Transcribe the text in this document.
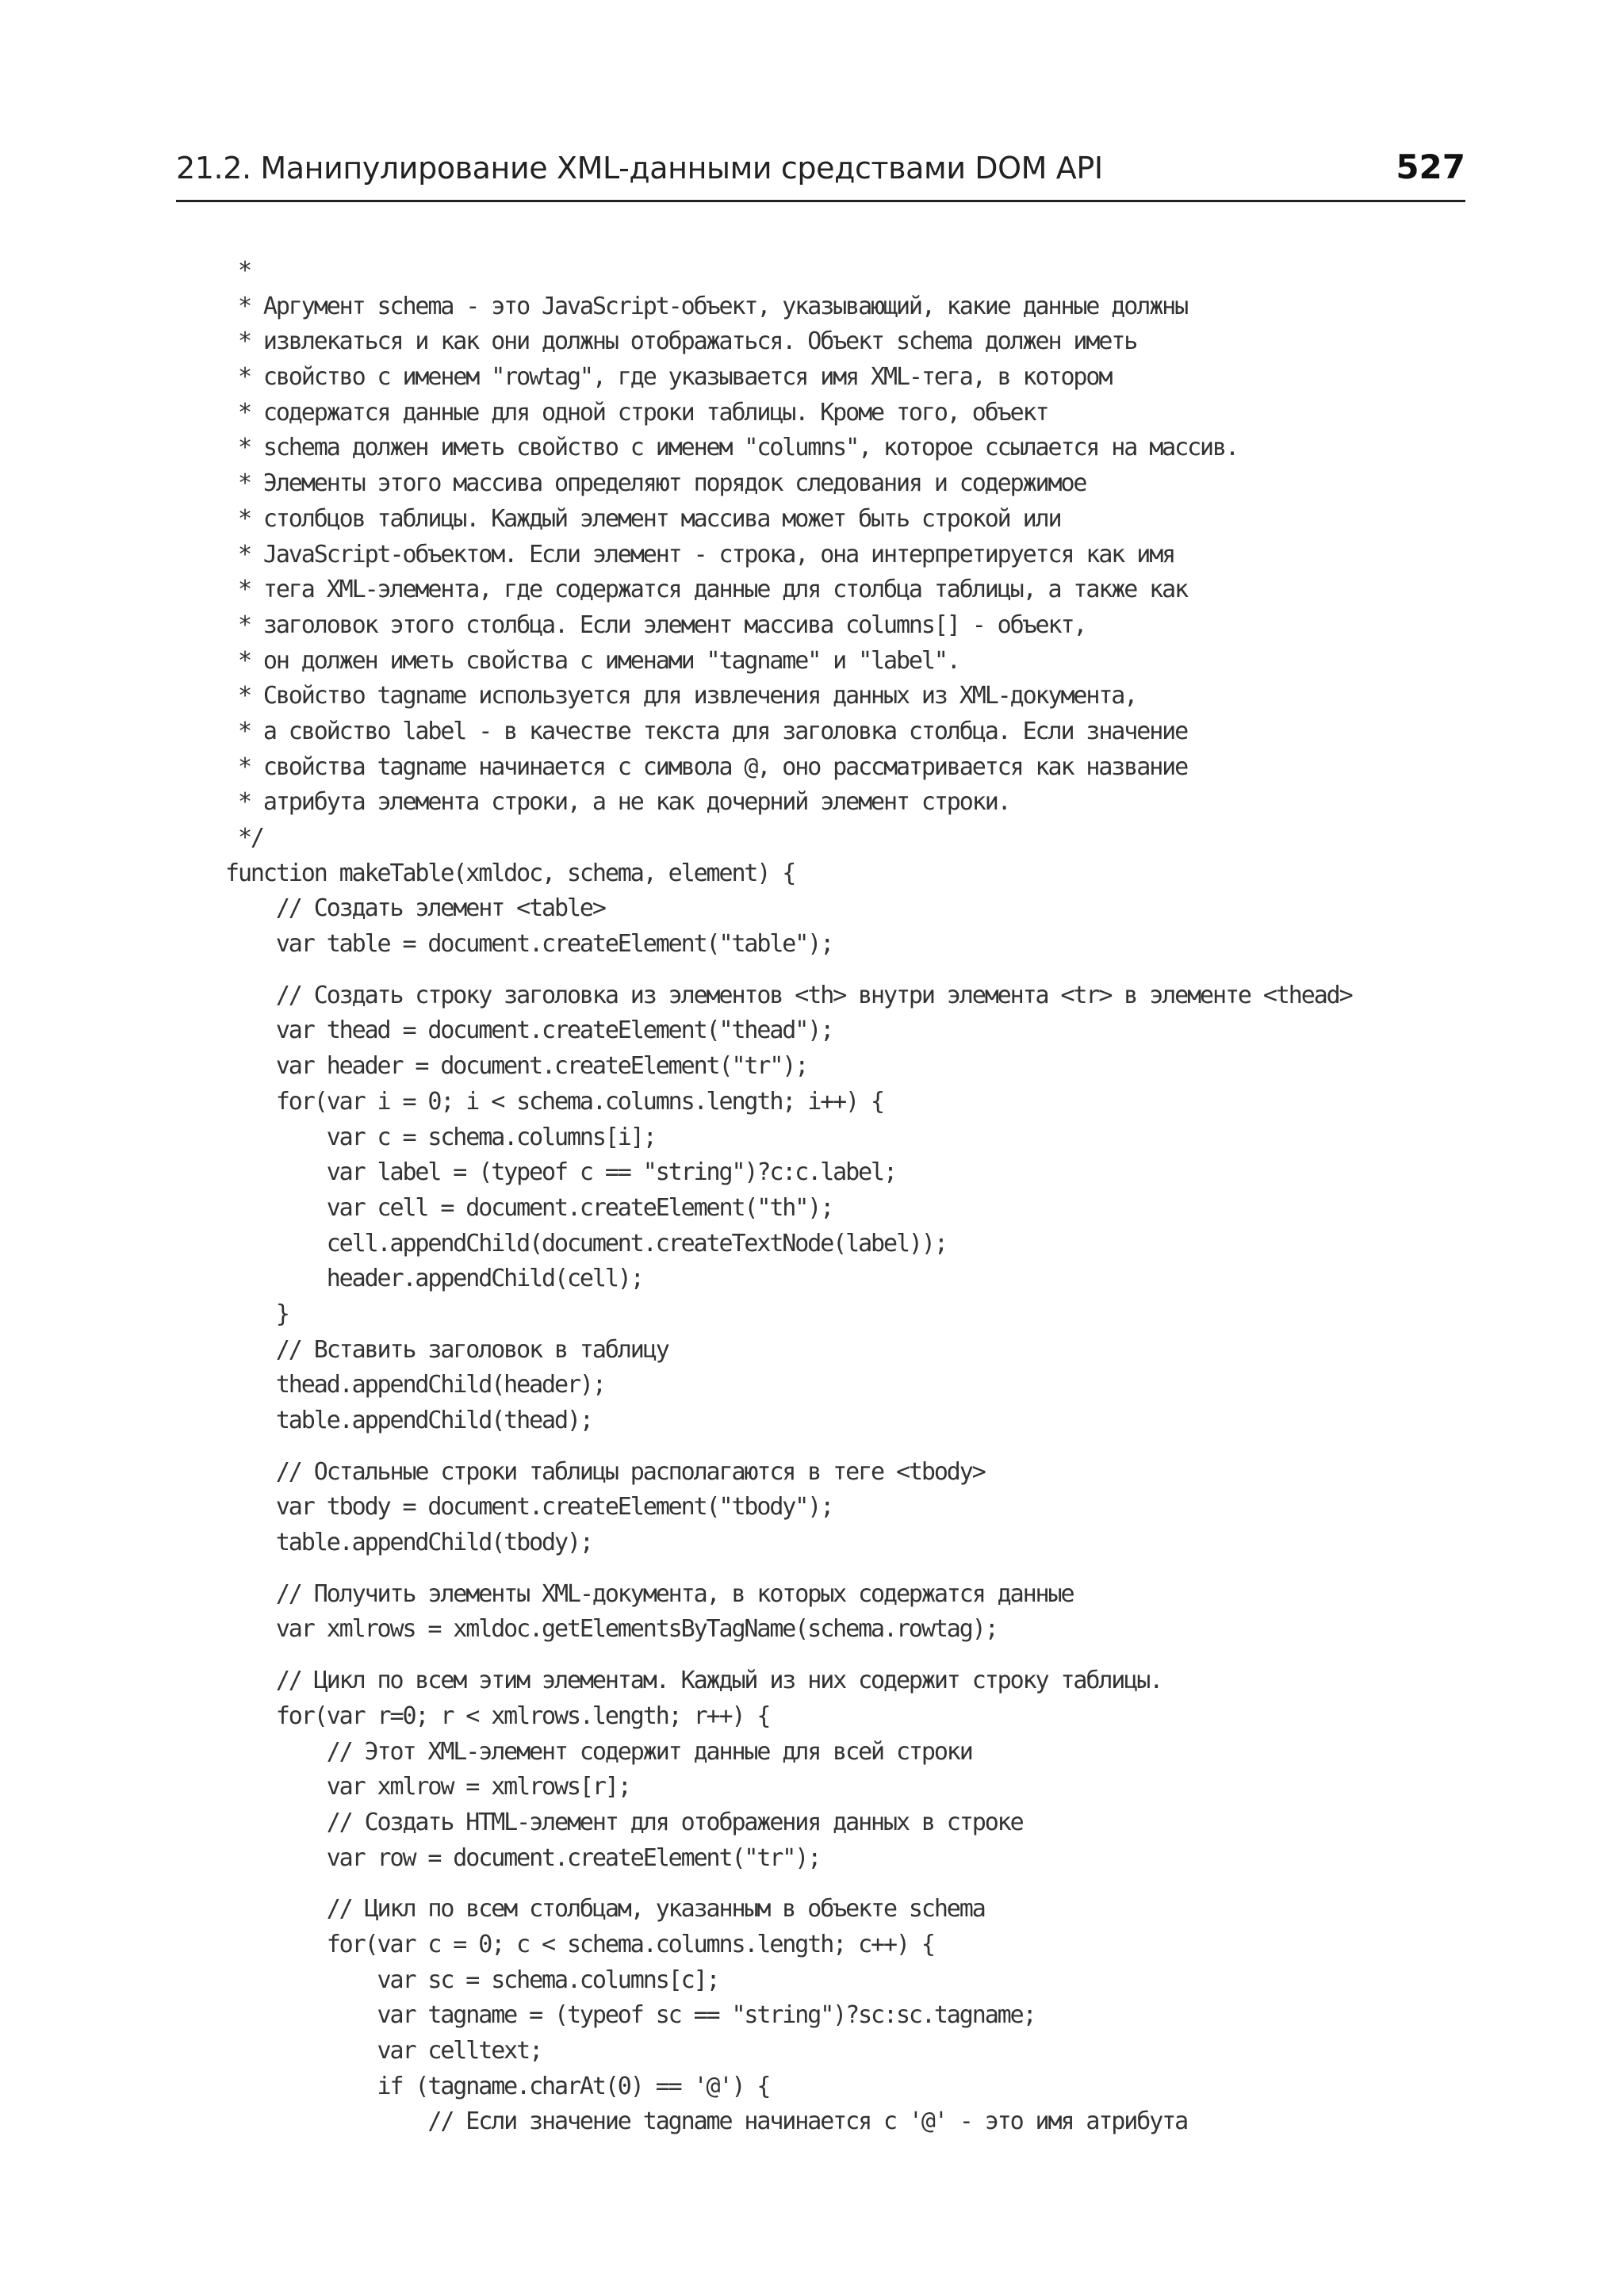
21.2. Манипулирование XML-данными средствами DOM API	527
*
* Аргумент schema - это JavaScript-объект, указывающий, какие данные должны
* извлекаться и как они должны отображаться. Объект schema должен иметь
* свойство с именем "rowtag", где указывается имя XML-тега, в котором
* содержатся данные для одной строки таблицы. Кроме того, объект
* schema должен иметь свойство с именем "columns", которое ссылается на массив.
* Элементы этого массива определяют порядок следования и содержимое
* столбцов таблицы. Каждый элемент массива может быть строкой или
* JavaScript-объектом. Если элемент - строка, она интерпретируется как имя
* тега XML-элемента, где содержатся данные для столбца таблицы, а также как
* заголовок этого столбца. Если элемент массива columns[] - объект,
* он должен иметь свойства с именами "tagname" и "label".
* Свойство tagname используется для извлечения данных из XML-документа,
* а свойство label - в качестве текста для заголовка столбца. Если значение
* свойства tagname начинается с символа @, оно рассматривается как название
* атрибута элемента строки, а не как дочерний элемент строки.
*/
function makeTable(xmldoc, schema, element) {
// Создать элемент <table>
var table = document.createElement("table");
// Создать строку заголовка из элементов <th> внутри элемента <tr> в элементе <thead>
var thead = document.createElement("thead");
var header = document.createElement("tr");
for(var i = 0; i < schema.columns.length; i++) {
var c = schema.columns[i];
var label = (typeof c == "string")?c:c.label;
var cell = document.createElement("th");
cell.appendChild(document.createTextNode(label));
header.appendChild(cell);
}
// Вставить заголовок в таблицу
thead.appendChild(header);
table.appendChild(thead);
// Остальные строки таблицы располагаются в теге <tbody>
var tbody = document.createElement("tbody");
table.appendChild(tbody);
// Получить элементы XML-документа, в которых содержатся данные
var xmlrows = xmldoc.getElementsByTagName(schema.rowtag);
// Цикл по всем этим элементам. Каждый из них содержит строку таблицы.
for(var r=0; r < xmlrows.length; r++) {
// Этот XML-элемент содержит данные для всей строки
var xmlrow = xmlrows[r];
// Создать HTML-элемент для отображения данных в строке
var row = document.createElement("tr");
// Цикл по всем столбцам, указанным в объекте schema
for(var c = 0; c < schema.columns.length; c++) {
var sc = schema.columns[c];
var tagname = (typeof sc == "string")?sc:sc.tagname;
var celltext;
if (tagname.charAt(0) == '@') {
// Если значение tagname начинается с '@' - это имя атрибута
